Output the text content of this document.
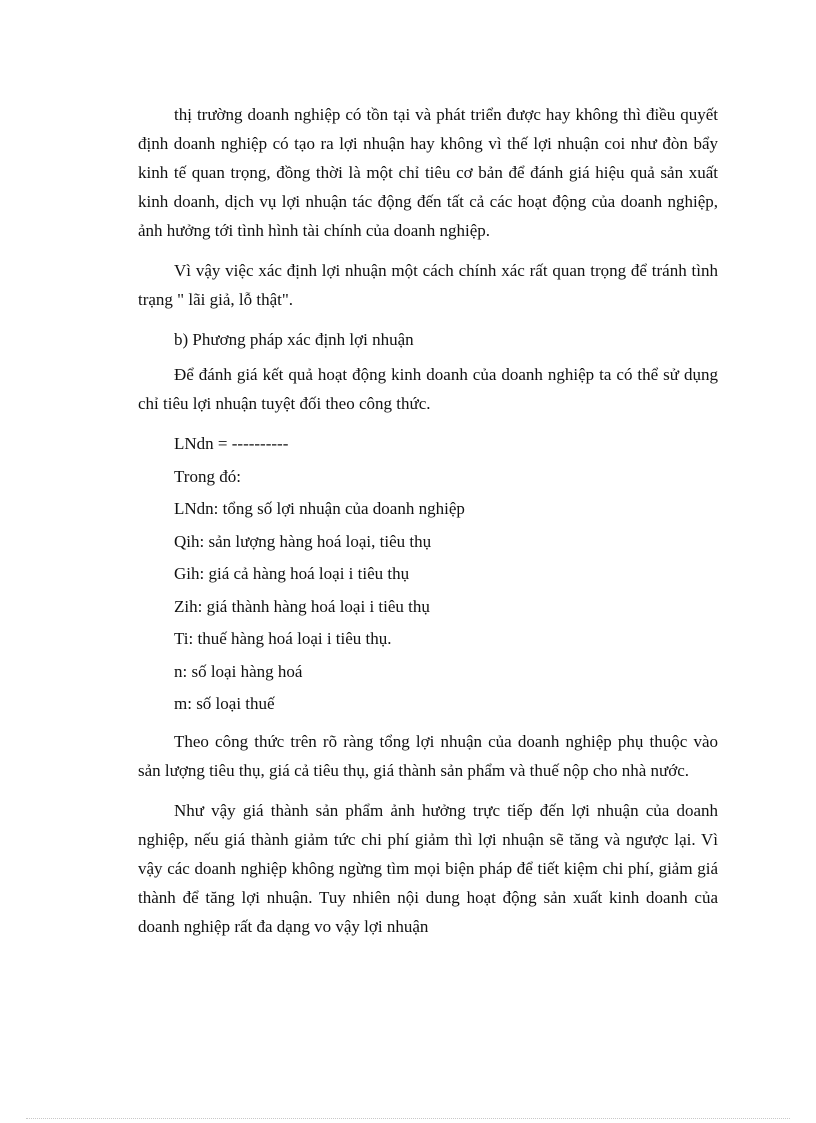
thị trường doanh nghiệp có tồn tại và phát triển được hay không thì điều quyết định doanh nghiệp có tạo ra lợi nhuận hay không vì thế lợi nhuận coi như đòn bẩy kinh tế quan trọng, đồng thời là một chỉ tiêu cơ bản để đánh giá hiệu quả sản xuất kinh doanh, dịch vụ lợi nhuận tác động đến tất cả các hoạt động của doanh nghiệp, ảnh hưởng tới tình hình tài chính của doanh nghiệp.

Vì vậy việc xác định lợi nhuận một cách chính xác rất quan trọng để tránh tình trạng " lãi giả, lỗ thật".

b) Phương pháp xác định lợi nhuận

Để đánh giá kết quả hoạt động kinh doanh của doanh nghiệp ta có thể sử dụng chỉ tiêu lợi nhuận tuyệt đối theo công thức.

LNdn = ----------

Trong đó:

LNdn: tổng số lợi nhuận của doanh nghiệp

Qih: sản lượng hàng hoá loại, tiêu thụ

Gih: giá cả hàng hoá loại i tiêu thụ

Zih: giá thành hàng hoá loại i tiêu thụ

Ti: thuế hàng hoá loại i tiêu thụ.

n: số loại hàng hoá

m: số loại thuế

Theo công thức trên rõ ràng tổng lợi nhuận của doanh nghiệp phụ thuộc vào sản lượng tiêu thụ, giá cả tiêu thụ, giá thành sản phẩm và thuế nộp cho nhà nước.

Như vậy giá thành sản phẩm ảnh hưởng trực tiếp đến lợi nhuận của doanh nghiệp, nếu giá thành giảm tức chi phí giảm thì lợi nhuận sẽ tăng và ngược lại. Vì vậy các doanh nghiệp không ngừng tìm mọi biện pháp để tiết kiệm chi phí, giảm giá thành để tăng lợi nhuận. Tuy nhiên nội dung hoạt động sản xuất kinh doanh của doanh nghiệp rất đa dạng vo vậy lợi nhuận
